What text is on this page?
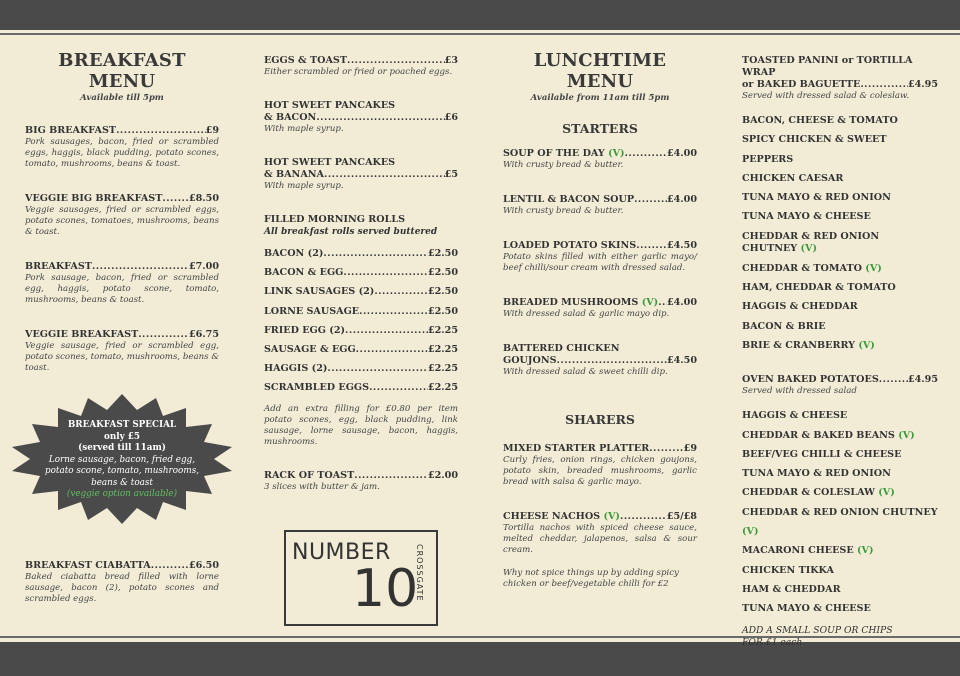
BREAKFAST MENU
Available till 5pm
BIG BREAKFAST .....	£9
Pork sausages, bacon, fried or scrambled eggs, haggis, black pudding, potato scones, tomato, mushrooms, beans & toast.
VEGGIE BIG BREAKFAST .....	£8.50
Veggie sausages, fried or scrambled eggs, potato scones, tomatoes, mushrooms, beans & toast.
BREAKFAST .....	£7.00
Pork sausage, bacon, fried or scrambled egg, haggis, potato scone, tomato, mushrooms, beans & toast.
VEGGIE BREAKFAST .....	£6.75
Veggie sausage, fried or scrambled egg, potato scones, tomato, mushrooms, beans & toast.
BREAKFAST SPECIAL
only £5
(served till 11am)
Lorne sausage, bacon, fried egg, potato scone, tomato, mushrooms, beans & toast
(veggie option available)
BREAKFAST CIABATTA .....	£6.50
Baked ciabatta bread filled with lorne sausage, bacon (2), potato scones and scrambled eggs.
EGGS & TOAST .....	£3
Either scrambled or fried or poached eggs.
HOT SWEET PANCAKES
& BACON .....	£6
With maple syrup.
HOT SWEET PANCAKES
& BANANA .....	£5
With maple syrup.
FILLED MORNING ROLLS
All breakfast rolls served buttered
BACON (2) .....	£2.50
BACON & EGG .....	£2.50
LINK SAUSAGES (2) .....	£2.50
LORNE SAUSAGE .....	£2.50
FRIED EGG (2) .....	£2.25
SAUSAGE & EGG .....	£2.25
HAGGIS (2) .....	£2.25
SCRAMBLED EGGS .....	£2.25
Add an extra filling for £0.80 per item potato scones, egg, black pudding, link sausage, lorne sausage, bacon, haggis, mushrooms.
RACK OF TOAST .....	£2.00
3 slices with butter & jam.
NUMBER
10
CROSSGATE
LUNCHTIME MENU
Available from 11am till 5pm
STARTERS
SOUP OF THE DAY (V) .....	£4.00
With crusty bread & butter.
LENTIL & BACON SOUP .....	£4.00
With crusty bread & butter.
LOADED POTATO SKINS .....	£4.50
Potato skins filled with either garlic mayo/ beef chilli/sour cream with dressed salad.
BREADED MUSHROOMS (V) ..... £4.00
With dressed salad & garlic mayo dip.
BATTERED CHICKEN
GOUJONS .....	£4.50
With dressed salad & sweet chilli dip.
SHARERS
MIXED STARTER PLATTER .....	£9
Curly fries, onion rings, chicken goujons, potato skin, breaded mushrooms, garlic bread with salsa & garlic mayo.
CHEESE NACHOS (V) .....	£5/£8
Tortilla nachos with spiced cheese sauce, melted cheddar, jalapenos, salsa & sour cream.
Why not spice things up by adding spicy chicken or beef/vegetable chilli for £2
TOASTED PANINI or TORTILLA WRAP
or BAKED BAGUETTE .....	£4.95
Served with dressed salad & coleslaw.
BACON, CHEESE & TOMATO
SPICY CHICKEN & SWEET PEPPERS
CHICKEN CAESAR
TUNA MAYO & RED ONION
TUNA MAYO & CHEESE
CHEDDAR & RED ONION CHUTNEY (V)
CHEDDAR & TOMATO (V)
HAM, CHEDDAR & TOMATO
HAGGIS & CHEDDAR
BACON & BRIE
BRIE & CRANBERRY (V)
OVEN BAKED POTATOES .....	£4.95
Served with dressed salad
HAGGIS & CHEESE
CHEDDAR & BAKED BEANS (V)
BEEF/VEG CHILLI & CHEESE
TUNA MAYO & RED ONION
CHEDDAR & COLESLAW (V)
CHEDDAR & RED ONION CHUTNEY (V)
MACARONI CHEESE (V)
CHICKEN TIKKA
HAM & CHEDDAR
TUNA MAYO & CHEESE
ADD A SMALL SOUP OR CHIPS FOR £1 each
